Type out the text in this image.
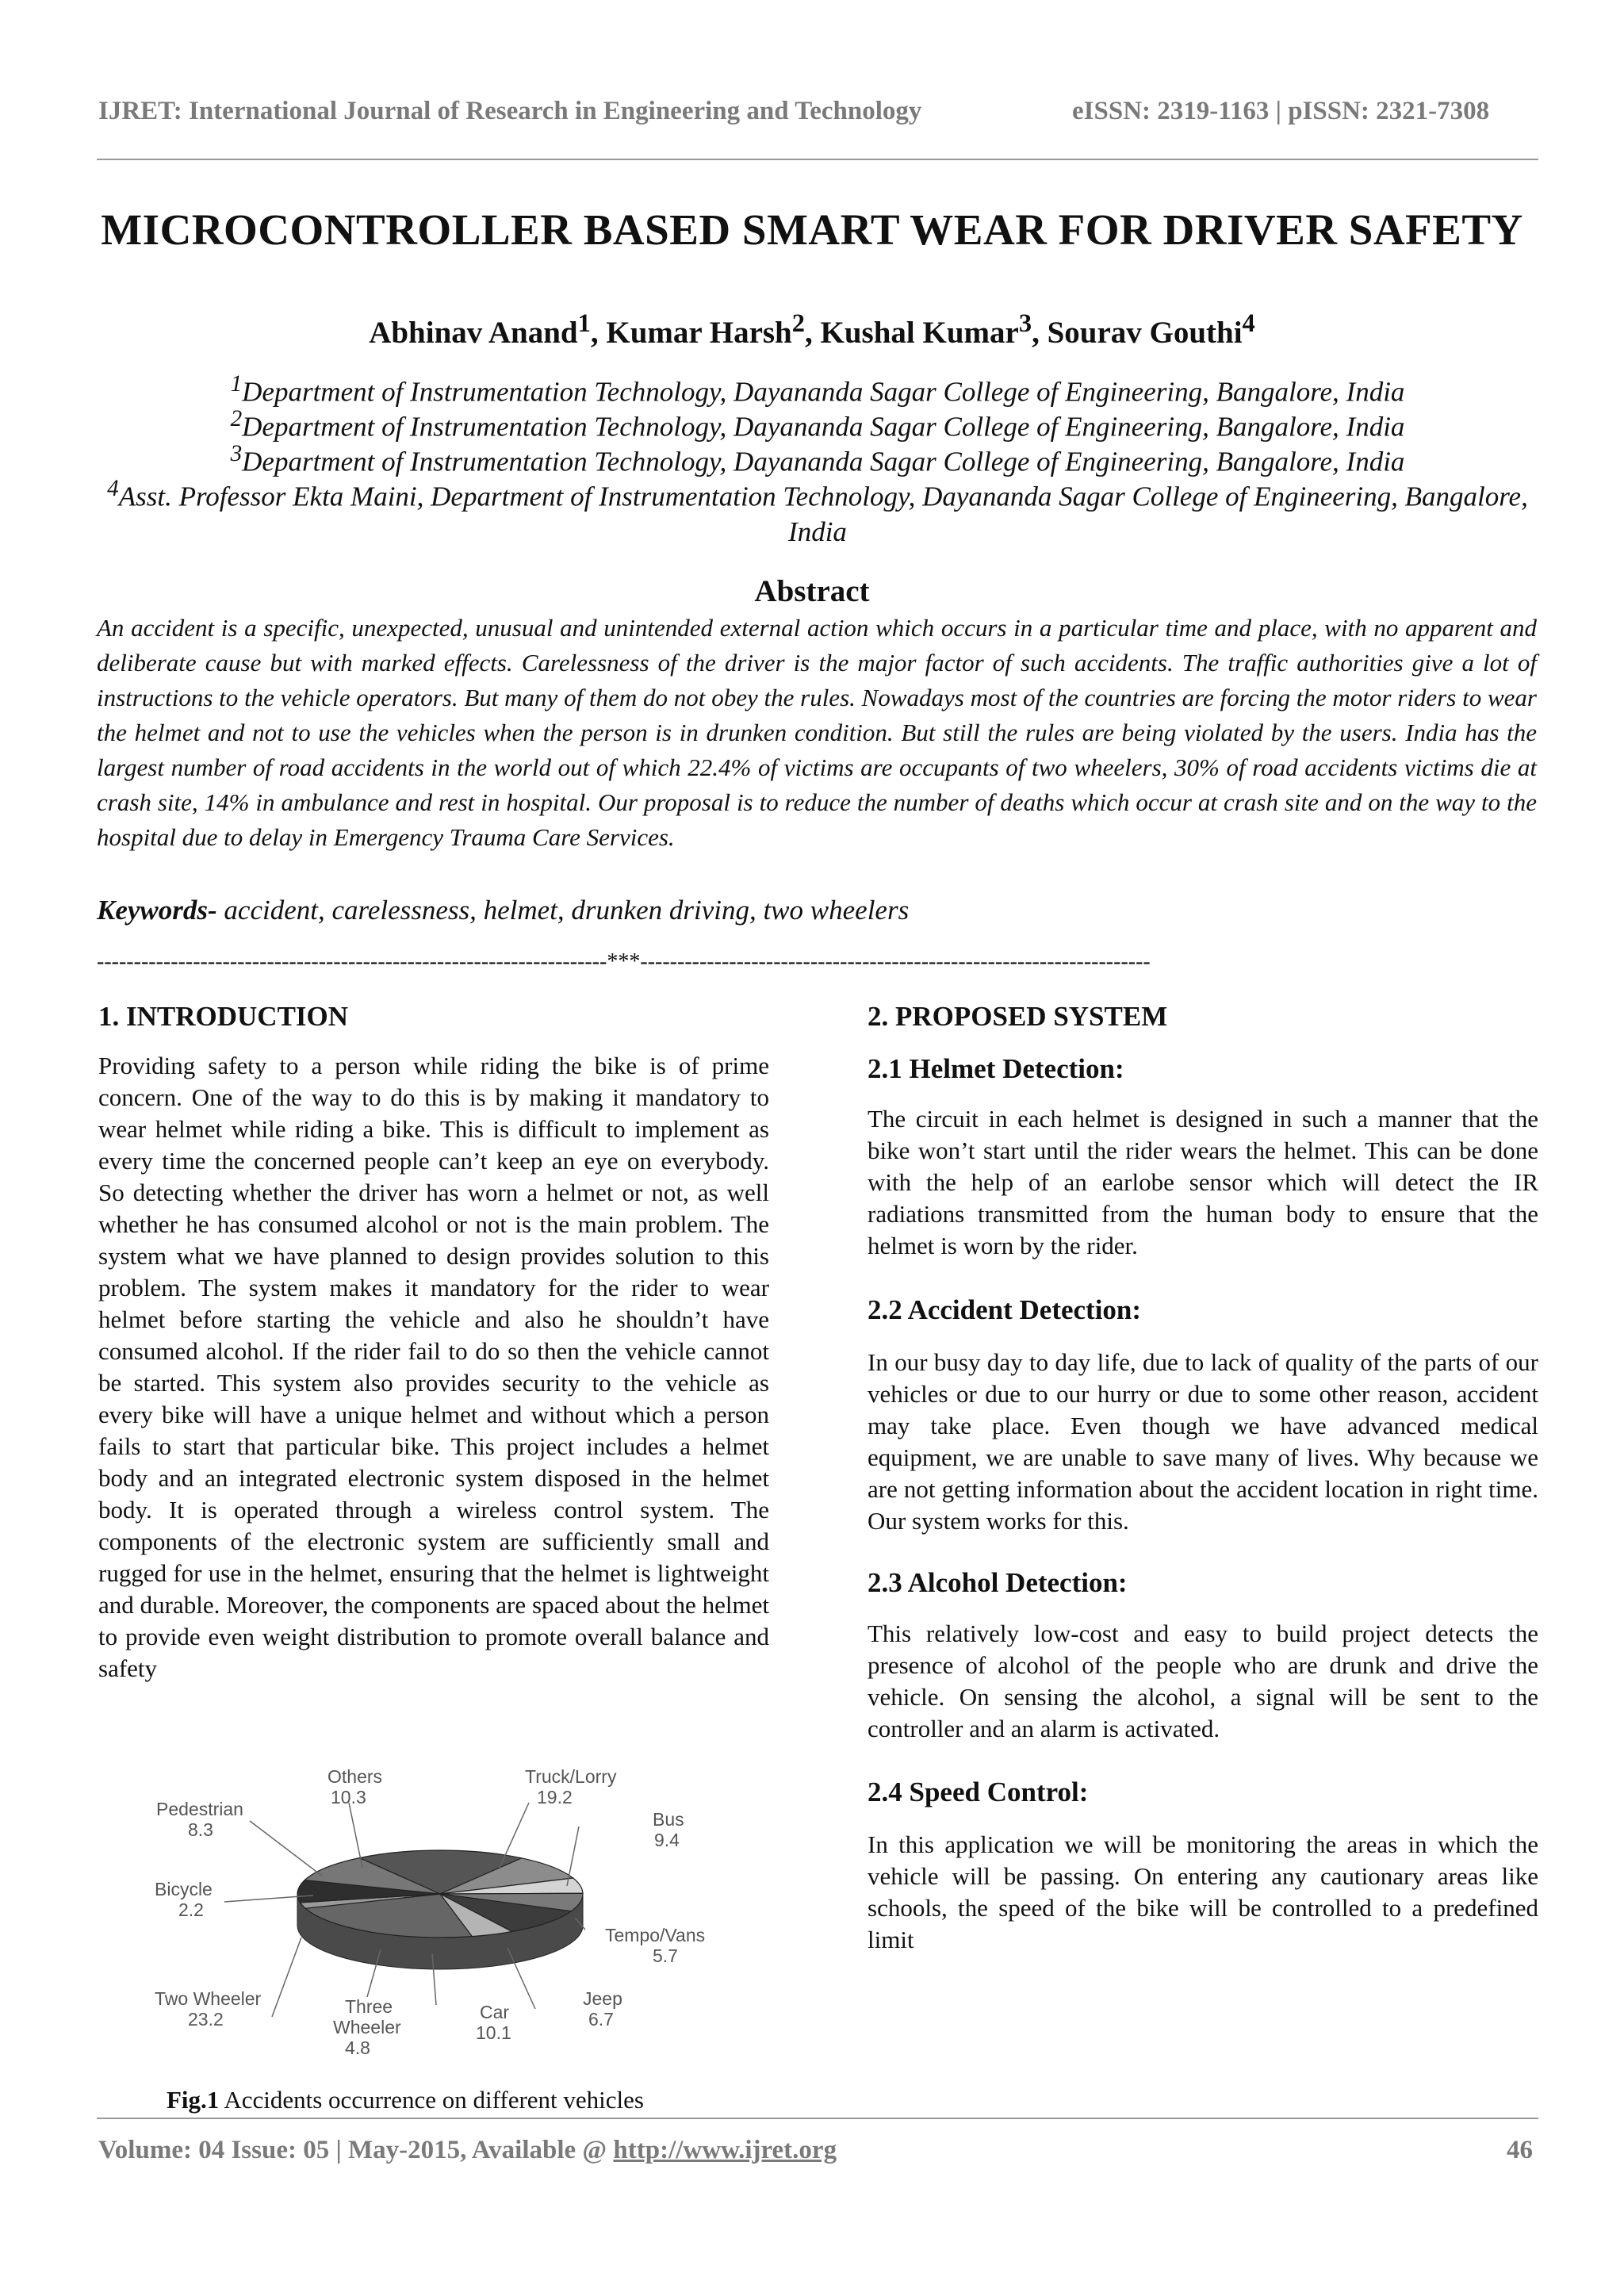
IJRET: International Journal of Research in Engineering and Technology	eISSN: 2319-1163 | pISSN: 2321-7308
MICROCONTROLLER BASED SMART WEAR FOR DRIVER SAFETY
Abhinav Anand$^1$, Kumar Harsh$^2$, Kushal Kumar$^3$, Sourav Gouthi$^4$
$^1$Department of Instrumentation Technology, Dayananda Sagar College of Engineering, Bangalore, India
$^2$Department of Instrumentation Technology, Dayananda Sagar College of Engineering, Bangalore, India
$^3$Department of Instrumentation Technology, Dayananda Sagar College of Engineering, Bangalore, India
$^4$Asst. Professor Ekta Maini, Department of Instrumentation Technology, Dayananda Sagar College of Engineering, Bangalore, India
Abstract
An accident is a specific, unexpected, unusual and unintended external action which occurs in a particular time and place, with no apparent and deliberate cause but with marked effects. Carelessness of the driver is the major factor of such accidents. The traffic authorities give a lot of instructions to the vehicle operators. But many of them do not obey the rules. Nowadays most of the countries are forcing the motor riders to wear the helmet and not to use the vehicles when the person is in drunken condition. But still the rules are being violated by the users. India has the largest number of road accidents in the world out of which 22.4% of victims are occupants of two wheelers, 30% of road accidents victims die at crash site, 14% in ambulance and rest in hospital. Our proposal is to reduce the number of deaths which occur at crash site and on the way to the hospital due to delay in Emergency Trauma Care Services.
Keywords- accident, carelessness, helmet, drunken driving, two wheelers
---------------------------------------------------------------------***---------------------------------------------------------------------
1. INTRODUCTION
Providing safety to a person while riding the bike is of prime concern. One of the way to do this is by making it mandatory to wear helmet while riding a bike. This is difficult to implement as every time the concerned people can’t keep an eye on everybody. So detecting whether the driver has worn a helmet or not, as well whether he has consumed alcohol or not is the main problem. The system what we have planned to design provides solution to this problem. The system makes it mandatory for the rider to wear helmet before starting the vehicle and also he shouldn’t have consumed alcohol. If the rider fail to do so then the vehicle cannot be started. This system also provides security to the vehicle as every bike will have a unique helmet and without which a person fails to start that particular bike. This project includes a helmet body and an integrated electronic system disposed in the helmet body. It is operated through a wireless control system. The components of the electronic system are sufficiently small and rugged for use in the helmet, ensuring that the helmet is lightweight and durable. Moreover, the components are spaced about the helmet to provide even weight distribution to promote overall balance and safety
Others
10.3
Truck/Lorry
19.2
Pedestrian
8.3	Bus
9.4
Bicycle
2.2
Tempo/Vans
5.7
Two Wheeler
23.2
Three
Wheeler
4.8
Car
10.1
Jeep
6.7
Fig.1 Accidents occurrence on different vehicles
2. PROPOSED SYSTEM
2.1 Helmet Detection:
The circuit in each helmet is designed in such a manner that the bike won’t start until the rider wears the helmet. This can be done with the help of an earlobe sensor which will detect the IR radiations transmitted from the human body to ensure that the helmet is worn by the rider.
2.2 Accident Detection:
In our busy day to day life, due to lack of quality of the parts of our vehicles or due to our hurry or due to some other reason, accident may take place. Even though we have advanced medical equipment, we are unable to save many of lives. Why because we are not getting information about the accident location in right time. Our system works for this.
2.3 Alcohol Detection:
This relatively low-cost and easy to build project detects the presence of alcohol of the people who are drunk and drive the vehicle. On sensing the alcohol, a signal will be sent to the controller and an alarm is activated.
2.4 Speed Control:
In this application we will be monitoring the areas in which the vehicle will be passing. On entering any cautionary areas like schools, the speed of the bike will be controlled to a predefined limit
Volume: 04 Issue: 05 | May-2015, Available @ http://www.ijret.org	46
